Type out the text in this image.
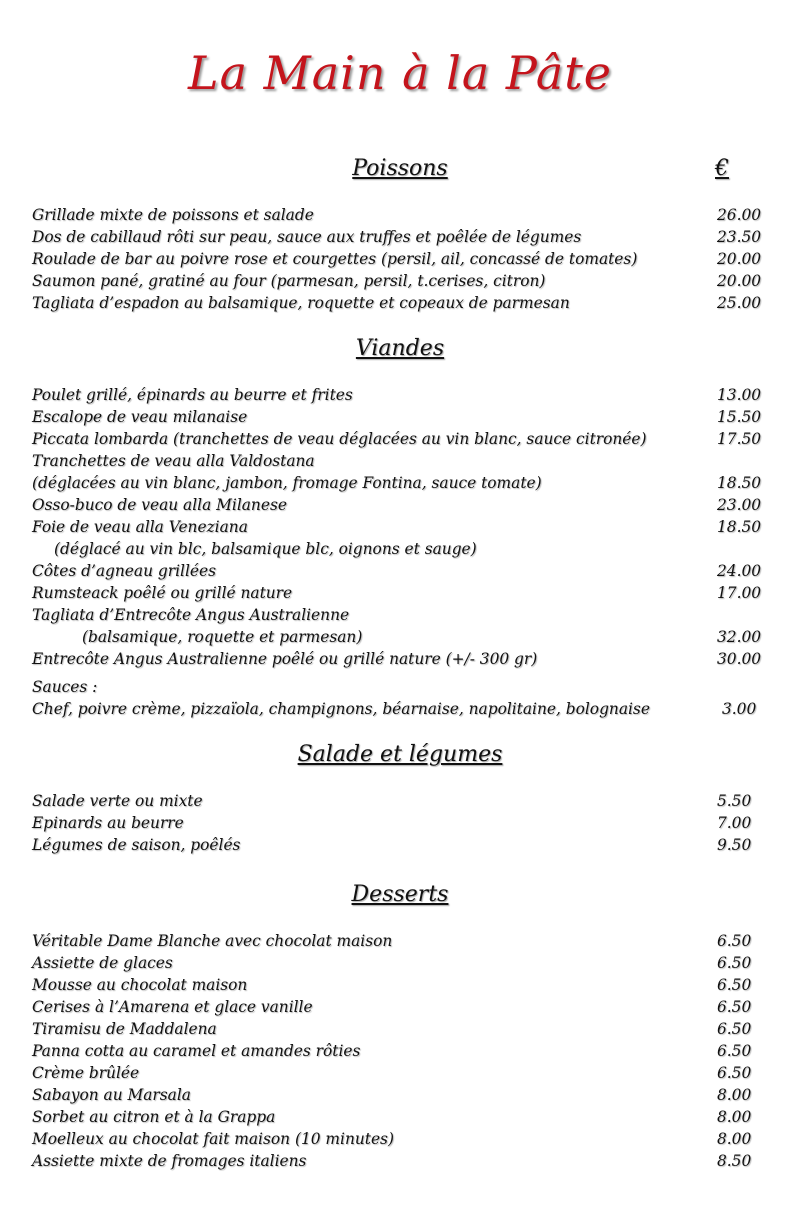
La Main à la Pâte
Poissons	€
Grillade mixte de poissons et salade	26.00
Dos de cabillaud rôti sur peau, sauce aux truffes et poêlée de légumes	23.50
Roulade de bar au poivre rose et courgettes (persil, ail, concassé de tomates)	20.00
Saumon pané, gratiné au four (parmesan, persil, t.cerises, citron)	20.00
Tagliata d’espadon au balsamique, roquette et copeaux de parmesan	25.00
Viandes
Poulet grillé, épinards au beurre et frites	13.00
Escalope de veau milanaise	15.50
Piccata lombarda (tranchettes de veau déglacées au vin blanc, sauce citronée)	17.50
Tranchettes de veau alla Valdostana
(déglacées au vin blanc, jambon, fromage Fontina, sauce tomate)	18.50
Osso-buco de veau alla Milanese	23.00
Foie de veau alla Veneziana	18.50
(déglacé au vin blc, balsamique blc, oignons et sauge)
Côtes d’agneau grillées	24.00
Rumsteack poêlé ou grillé nature	17.00
Tagliata d’Entrecôte Angus Australienne
(balsamique, roquette et parmesan)	32.00
Entrecôte Angus Australienne poêlé ou grillé nature (+/- 300 gr)	30.00
Sauces :
Chef, poivre crème, pizzaïola, champignons, béarnaise, napolitaine, bolognaise	3.00
Salade et légumes
Salade verte ou mixte	5.50
Epinards au beurre	7.00
Légumes de saison, poêlés	9.50
Desserts
Véritable Dame Blanche avec chocolat maison	6.50
Assiette de glaces	6.50
Mousse au chocolat maison	6.50
Cerises à l’Amarena et glace vanille	6.50
Tiramisu de Maddalena	6.50
Panna cotta au caramel et amandes rôties	6.50
Crème brûlée	6.50
Sabayon au Marsala	8.00
Sorbet au citron et à la Grappa	8.00
Moelleux au chocolat fait maison (10 minutes)	8.00
Assiette mixte de fromages italiens	8.50
